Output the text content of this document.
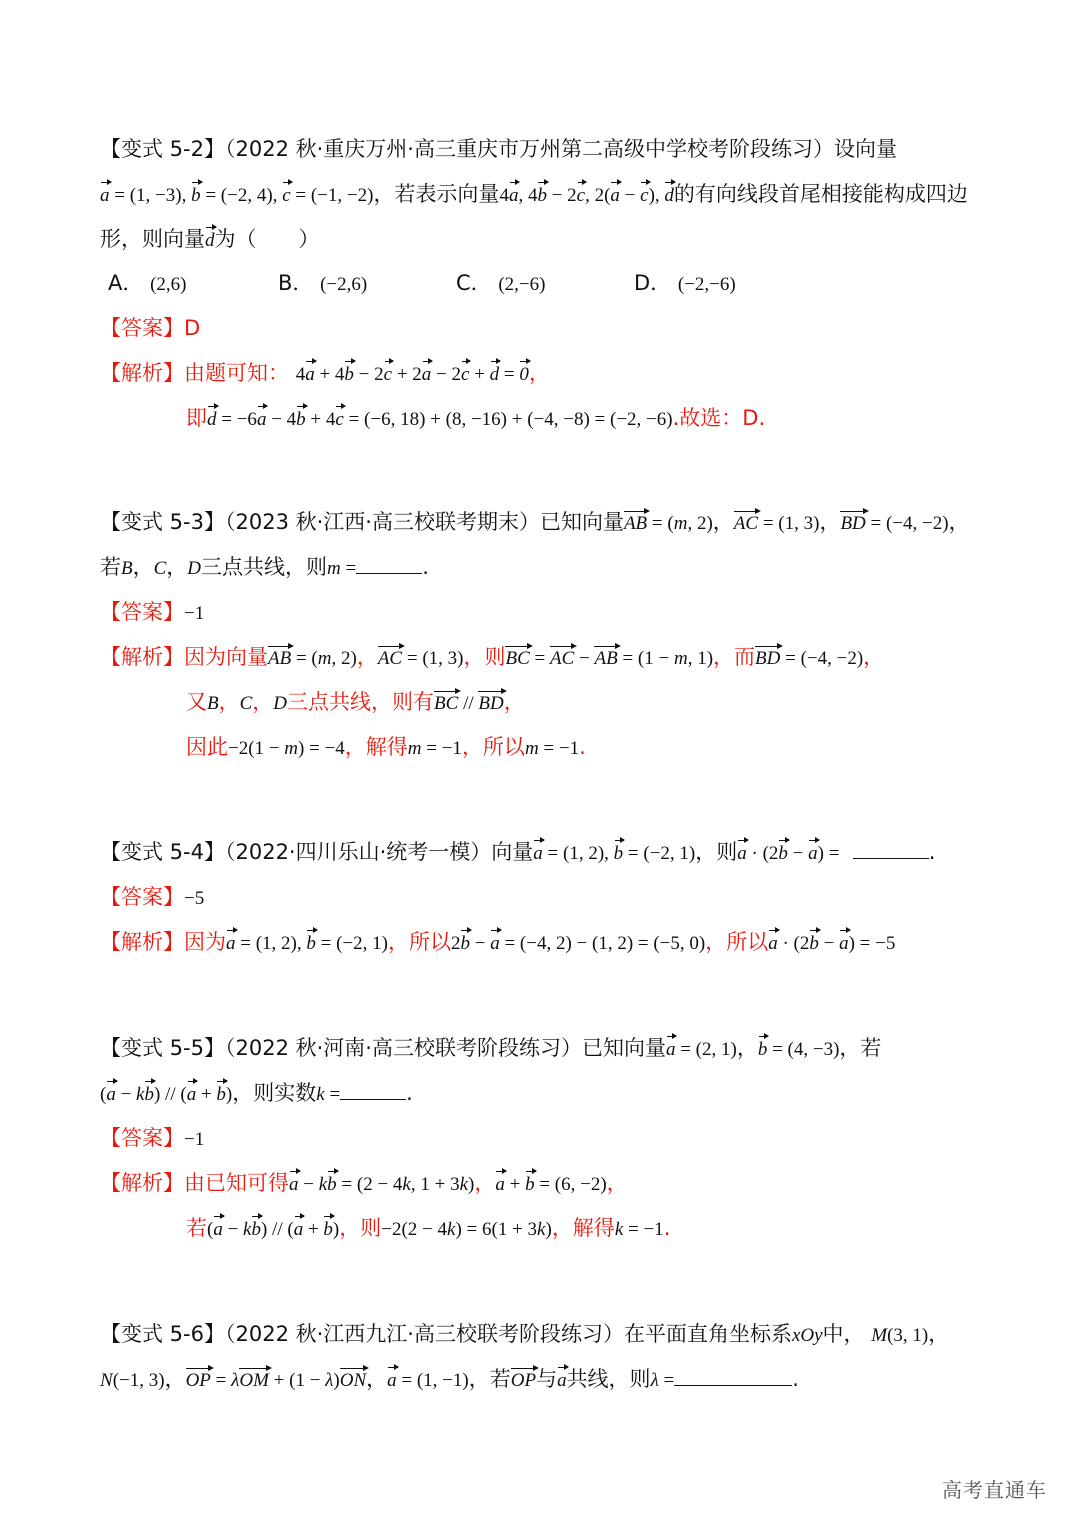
【变式 5-2】（2022 秋·重庆万州·高三重庆市万州第二高级中学校考阶段练习）设向量
a = (1, −3), b = (−2, 4), c = (−1, −2)，若表示向量4a, 4b − 2c, 2(a − c), d的有向线段首尾相接能构成四边
形，则向量d为（　　）
A． (2,6)	B． (−2,6)	C． (2,−6)	D． (−2,−6)
【答案】D
【解析】由题可知： 4a + 4b − 2c + 2a − 2c + d = 0，
即d = −6a − 4b + 4c = (−6, 18) + (8, −16) + (−4, −8) = (−2, −6).故选：D.
【变式 5-3】（2023 秋·江西·高三校联考期末）已知向量AB = (m, 2)，AC = (1, 3)，BD = (−4, −2)，
若B，C，D三点共线，则m =	.
【答案】−1
【解析】因为向量AB = (m, 2)，AC = (1, 3)，则BC = AC − AB = (1 − m, 1)，而BD = (−4, −2)，
又B，C，D三点共线，则有BC // BD，
因此−2(1 − m) = −4，解得m = −1，所以m = −1.
【变式 5-4】（2022·四川乐山·统考一模）向量a = (1, 2), b = (−2, 1)，则a · (2b − a) =	.
【答案】−5
【解析】因为a = (1, 2), b = (−2, 1)，所以2b − a = (−4, 2) − (1, 2) = (−5, 0)，所以a · (2b − a) = −5
【变式 5-5】（2022 秋·河南·高三校联考阶段练习）已知向量a = (2, 1)，b = (4, −3)，若
(a − kb) // (a + b)，则实数k =	.
【答案】−1
【解析】由已知可得a − kb = (2 − 4k, 1 + 3k)，a + b = (6, −2)，
若(a − kb) // (a + b)，则−2(2 − 4k) = 6(1 + 3k)，解得k = −1.
【变式 5-6】（2022 秋·江西九江·高三校联考阶段练习）在平面直角坐标系xOy中， M(3, 1)，
N(−1, 3)，OP = λOM + (1 − λ)ON，a = (1, −1)，若OP与a共线，则λ =	.
高考直通车
